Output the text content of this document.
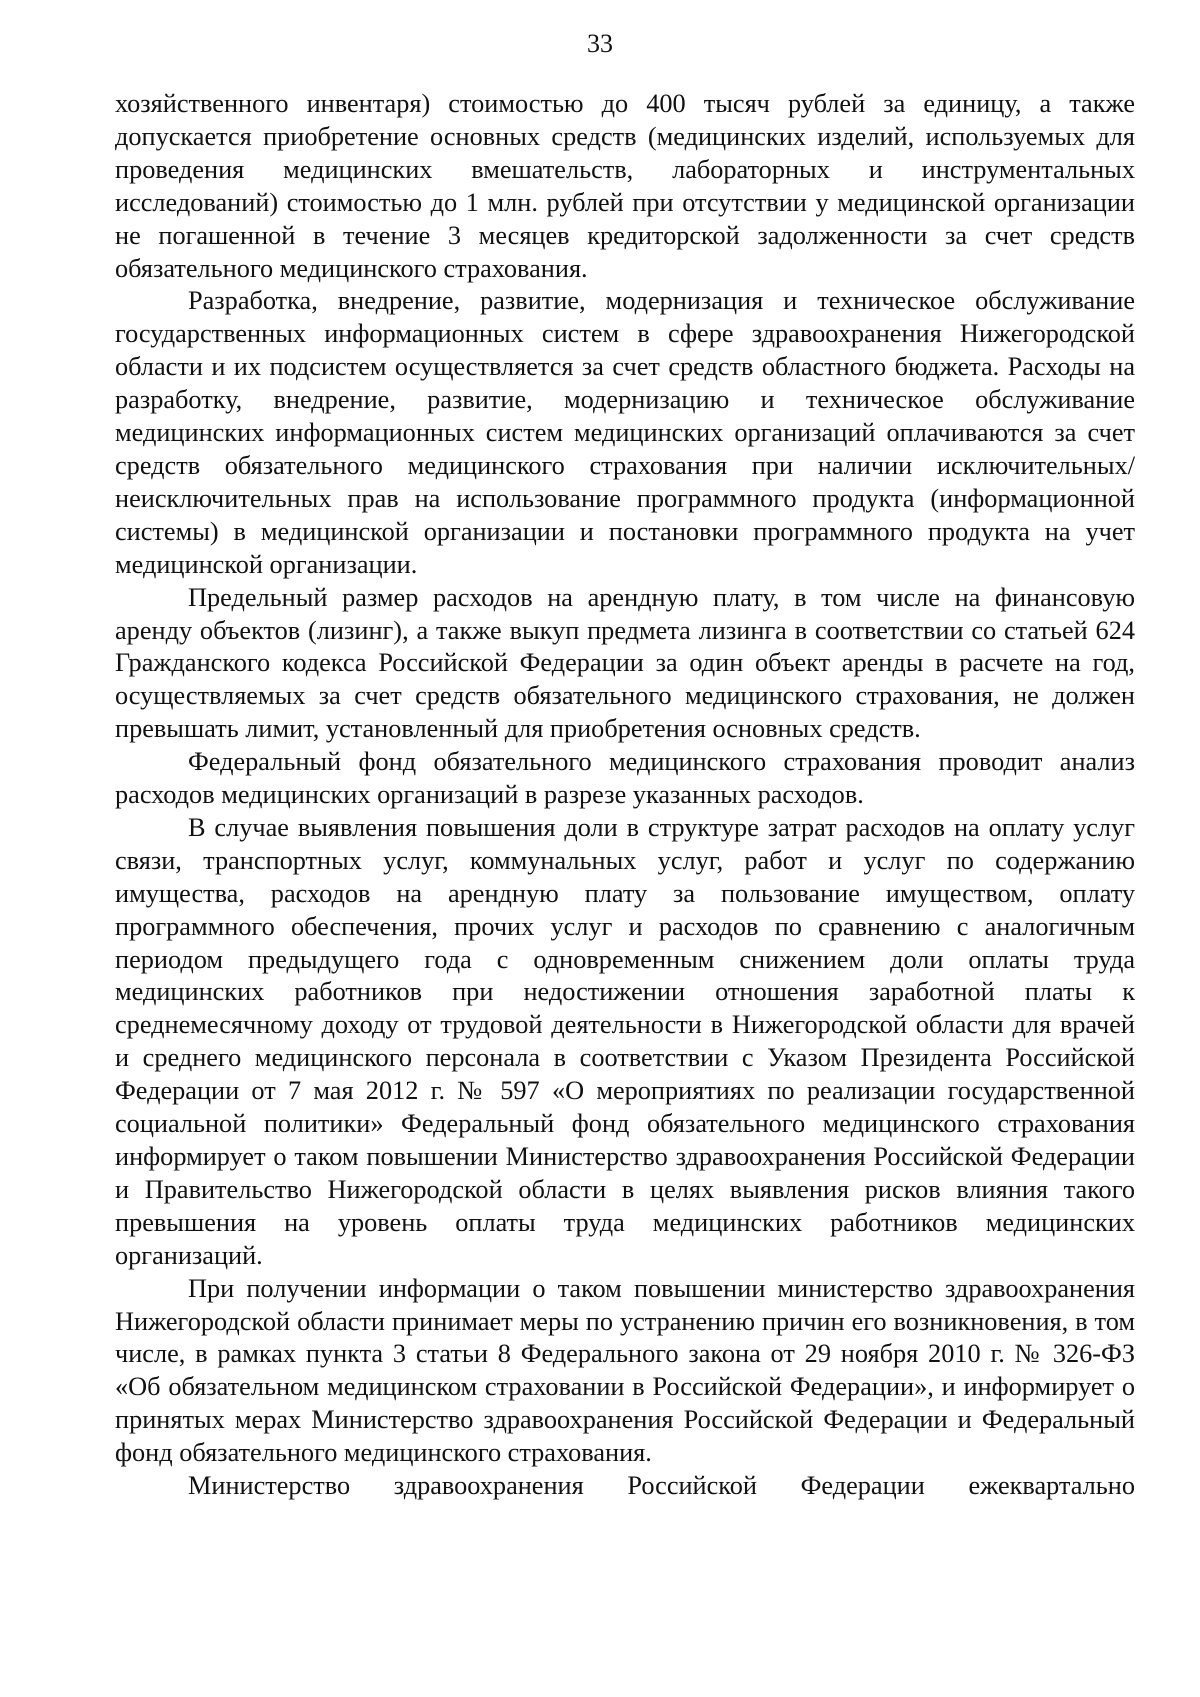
33

хозяйственного инвентаря) стоимостью до 400 тысяч рублей за единицу, а также допускается приобретение основных средств (медицинских изделий, используемых для проведения медицинских вмешательств, лабораторных и инструментальных исследований) стоимостью до 1 млн. рублей при отсутствии у медицинской организации не погашенной в течение 3 месяцев кредиторской задолженности за счет средств обязательного медицинского страхования.

Разработка, внедрение, развитие, модернизация и техническое обслуживание государственных информационных систем в сфере здравоохранения Нижегородской области и их подсистем осуществляется за счет средств областного бюджета. Расходы на разработку, внедрение, развитие, модернизацию и техническое обслуживание медицинских информационных систем медицинских организаций оплачиваются за счет средств обязательного медицинского страхования при наличии исключительных/неисключительных прав на использование программного продукта (информационной системы) в медицинской организации и постановки программного продукта на учет медицинской организации.

Предельный размер расходов на арендную плату, в том числе на финансовую аренду объектов (лизинг), а также выкуп предмета лизинга в соответствии со статьей 624 Гражданского кодекса Российской Федерации за один объект аренды в расчете на год, осуществляемых за счет средств обязательного медицинского страхования, не должен превышать лимит, установленный для приобретения основных средств.

Федеральный фонд обязательного медицинского страхования проводит анализ расходов медицинских организаций в разрезе указанных расходов.

В случае выявления повышения доли в структуре затрат расходов на оплату услуг связи, транспортных услуг, коммунальных услуг, работ и услуг по содержанию имущества, расходов на арендную плату за пользование имуществом, оплату программного обеспечения, прочих услуг и расходов по сравнению с аналогичным периодом предыдущего года с одновременным снижением доли оплаты труда медицинских работников при недостижении отношения заработной платы к среднемесячному доходу от трудовой деятельности в Нижегородской области для врачей и среднего медицинского персонала в соответствии с Указом Президента Российской Федерации от 7 мая 2012 г. № 597 «О мероприятиях по реализации государственной социальной политики» Федеральный фонд обязательного медицинского страхования информирует о таком повышении Министерство здравоохранения Российской Федерации и Правительство Нижегородской области в целях выявления рисков влияния такого превышения на уровень оплаты труда медицинских работников медицинских организаций.

При получении информации о таком повышении министерство здравоохранения Нижегородской области принимает меры по устранению причин его возникновения, в том числе, в рамках пункта 3 статьи 8 Федерального закона от 29 ноября 2010 г. № 326-ФЗ «Об обязательном медицинском страховании в Российской Федерации», и информирует о принятых мерах Министерство здравоохранения Российской Федерации и Федеральный фонд обязательного медицинского страхования.

Министерство здравоохранения Российской Федерации ежеквартально
